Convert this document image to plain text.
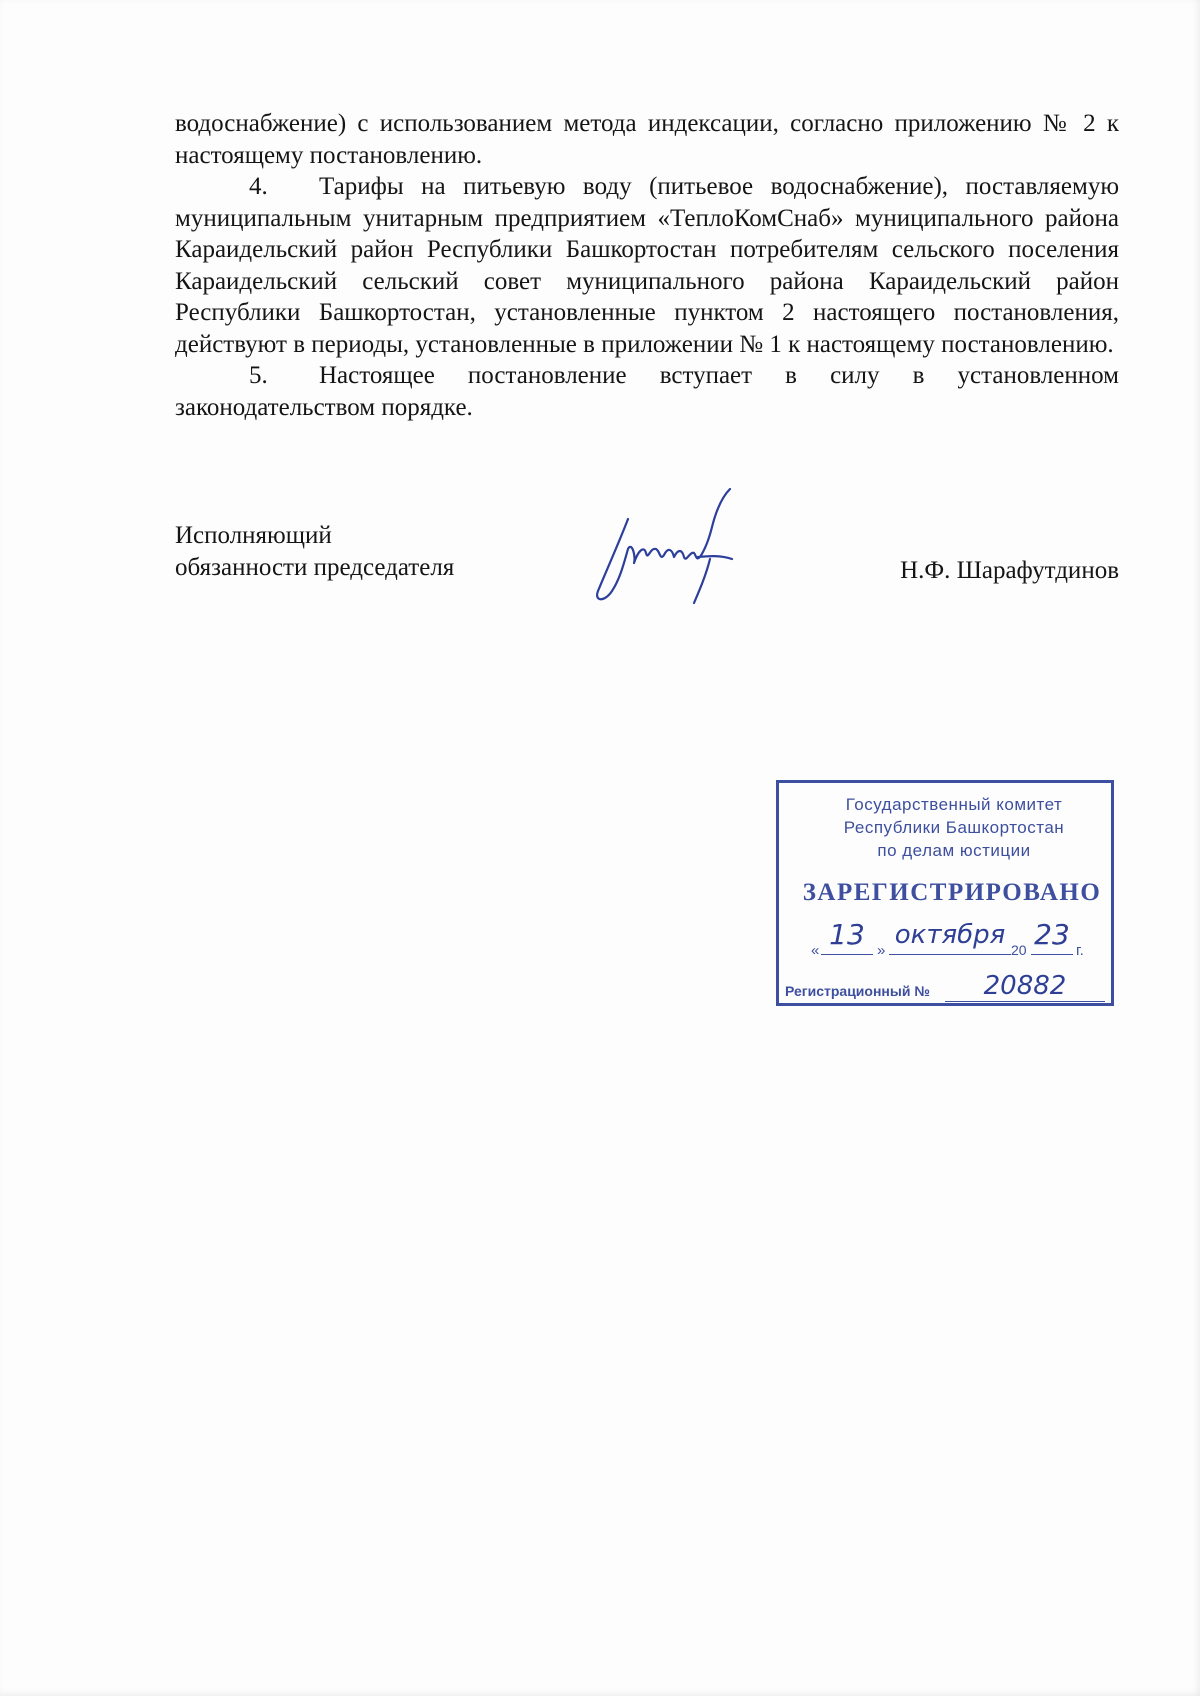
водоснабжение) с использованием метода индексации, согласно приложению № 2 к настоящему постановлению.

4. Тарифы на питьевую воду (питьевое водоснабжение), поставляемую муниципальным унитарным предприятием «ТеплоКомСнаб» муниципального района Караидельский район Республики Башкортостан потребителям сельского поселения Караидельский сельский совет муниципального района Караидельский район Республики Башкортостан, установленные пунктом 2 настоящего постановления, действуют в периоды, установленные в приложении № 1 к настоящему постановлению.

5. Настоящее постановление вступает в силу в установленном законодательством порядке.

Исполняющий
обязанности председателя	Н.Ф. Шарафутдинов
Государственный комитет
Республики Башкортостан
по делам юстиции
ЗАРЕГИСТРИРОВАНО
« 13 »
октября 20 23 г.
Регистрационный №	20882
